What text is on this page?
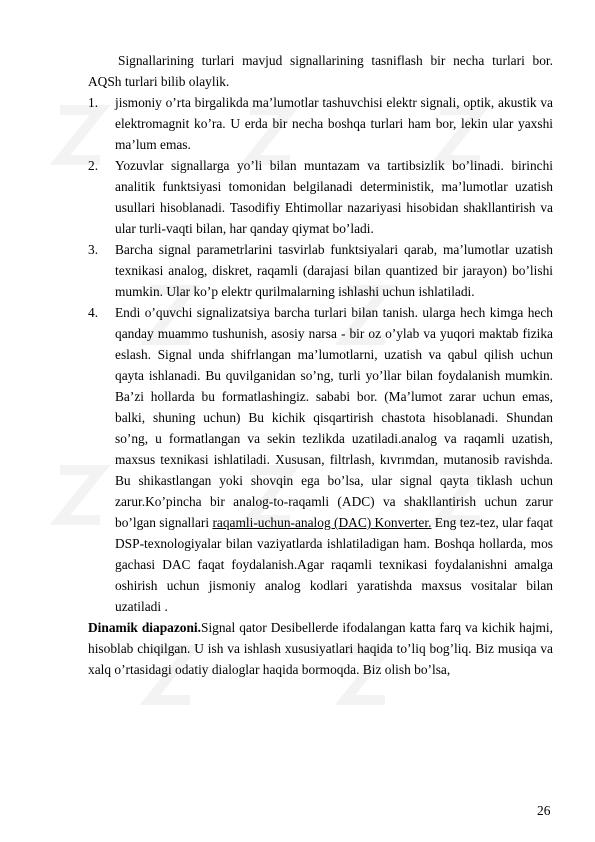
Signallarining turlari mavjud signallarining tasniflash bir necha turlari bor. AQSh turlari bilib olaylik.

1.	jismoniy o’rta birgalikda ma’lumotlar tashuvchisi elektr signali, optik, akustik va elektromagnit ko’ra. U erda bir necha boshqa turlari ham bor, lekin ular yaxshi ma’lum emas.

2.	Yozuvlar signallarga yo’li bilan muntazam va tartibsizlik bo’linadi. birinchi analitik funktsiyasi tomonidan belgilanadi deterministik, ma’lumotlar uzatish usullari hisoblanadi. Tasodifiy Ehtimollar nazariyasi hisobidan shakllantirish va ular turli-vaqti bilan, har qanday qiymat bo’ladi.

3.	Barcha signal parametrlarini tasvirlab funktsiyalari qarab, ma’lumotlar uzatish texnikasi analog, diskret, raqamli (darajasi bilan quantized bir jarayon) bo’lishi mumkin. Ular ko’p elektr qurilmalarning ishlashi uchun ishlatiladi.

4.	Endi o’quvchi signalizatsiya barcha turlari bilan tanish. ularga hech kimga hech qanday muammo tushunish, asosiy narsa - bir oz o’ylab va yuqori maktab fizika eslash. Signal unda shifrlangan ma’lumotlarni, uzatish va qabul qilish uchun qayta ishlanadi. Bu quvilganidan so’ng, turli yo’llar bilan foydalanish mumkin. Ba’zi hollarda bu formatlashingiz. sababi bor. (Ma’lumot zarar uchun emas, balki, shuning uchun) Bu kichik qisqartirish chastota hisoblanadi. Shundan so’ng, u formatlangan va sekin tezlikda uzatiladi.analog va raqamli uzatish, maxsus texnikasi ishlatiladi. Xususan, filtrlash, kıvrımdan, mutanosib ravishda. Bu shikastlangan yoki shovqin ega bo’lsa, ular signal qayta tiklash uchun zarur.Ko’pincha bir analog-to-raqamli (ADC) va shakllantirish uchun zarur bo’lgan signallari raqamli-uchun-analog (DAC) Konverter. Eng tez-tez, ular faqat DSP-texnologiyalar bilan vaziyatlarda ishlatiladigan ham. Boshqa hollarda, mos gachasi DAC faqat foydalanish.Agar raqamli texnikasi foydalanishni amalga oshirish uchun jismoniy analog kodlari yaratishda maxsus vositalar bilan uzatiladi .

Dinamik diapazoni.Signal qator Desibellerde ifodalangan katta farq va kichik hajmi, hisoblab chiqilgan. U ish va ishlash xususiyatlari haqida to’liq bog’liq. Biz musiqa va xalq o’rtasidagi odatiy dialoglar haqida bormoqda. Biz olish bo’lsa,

26
